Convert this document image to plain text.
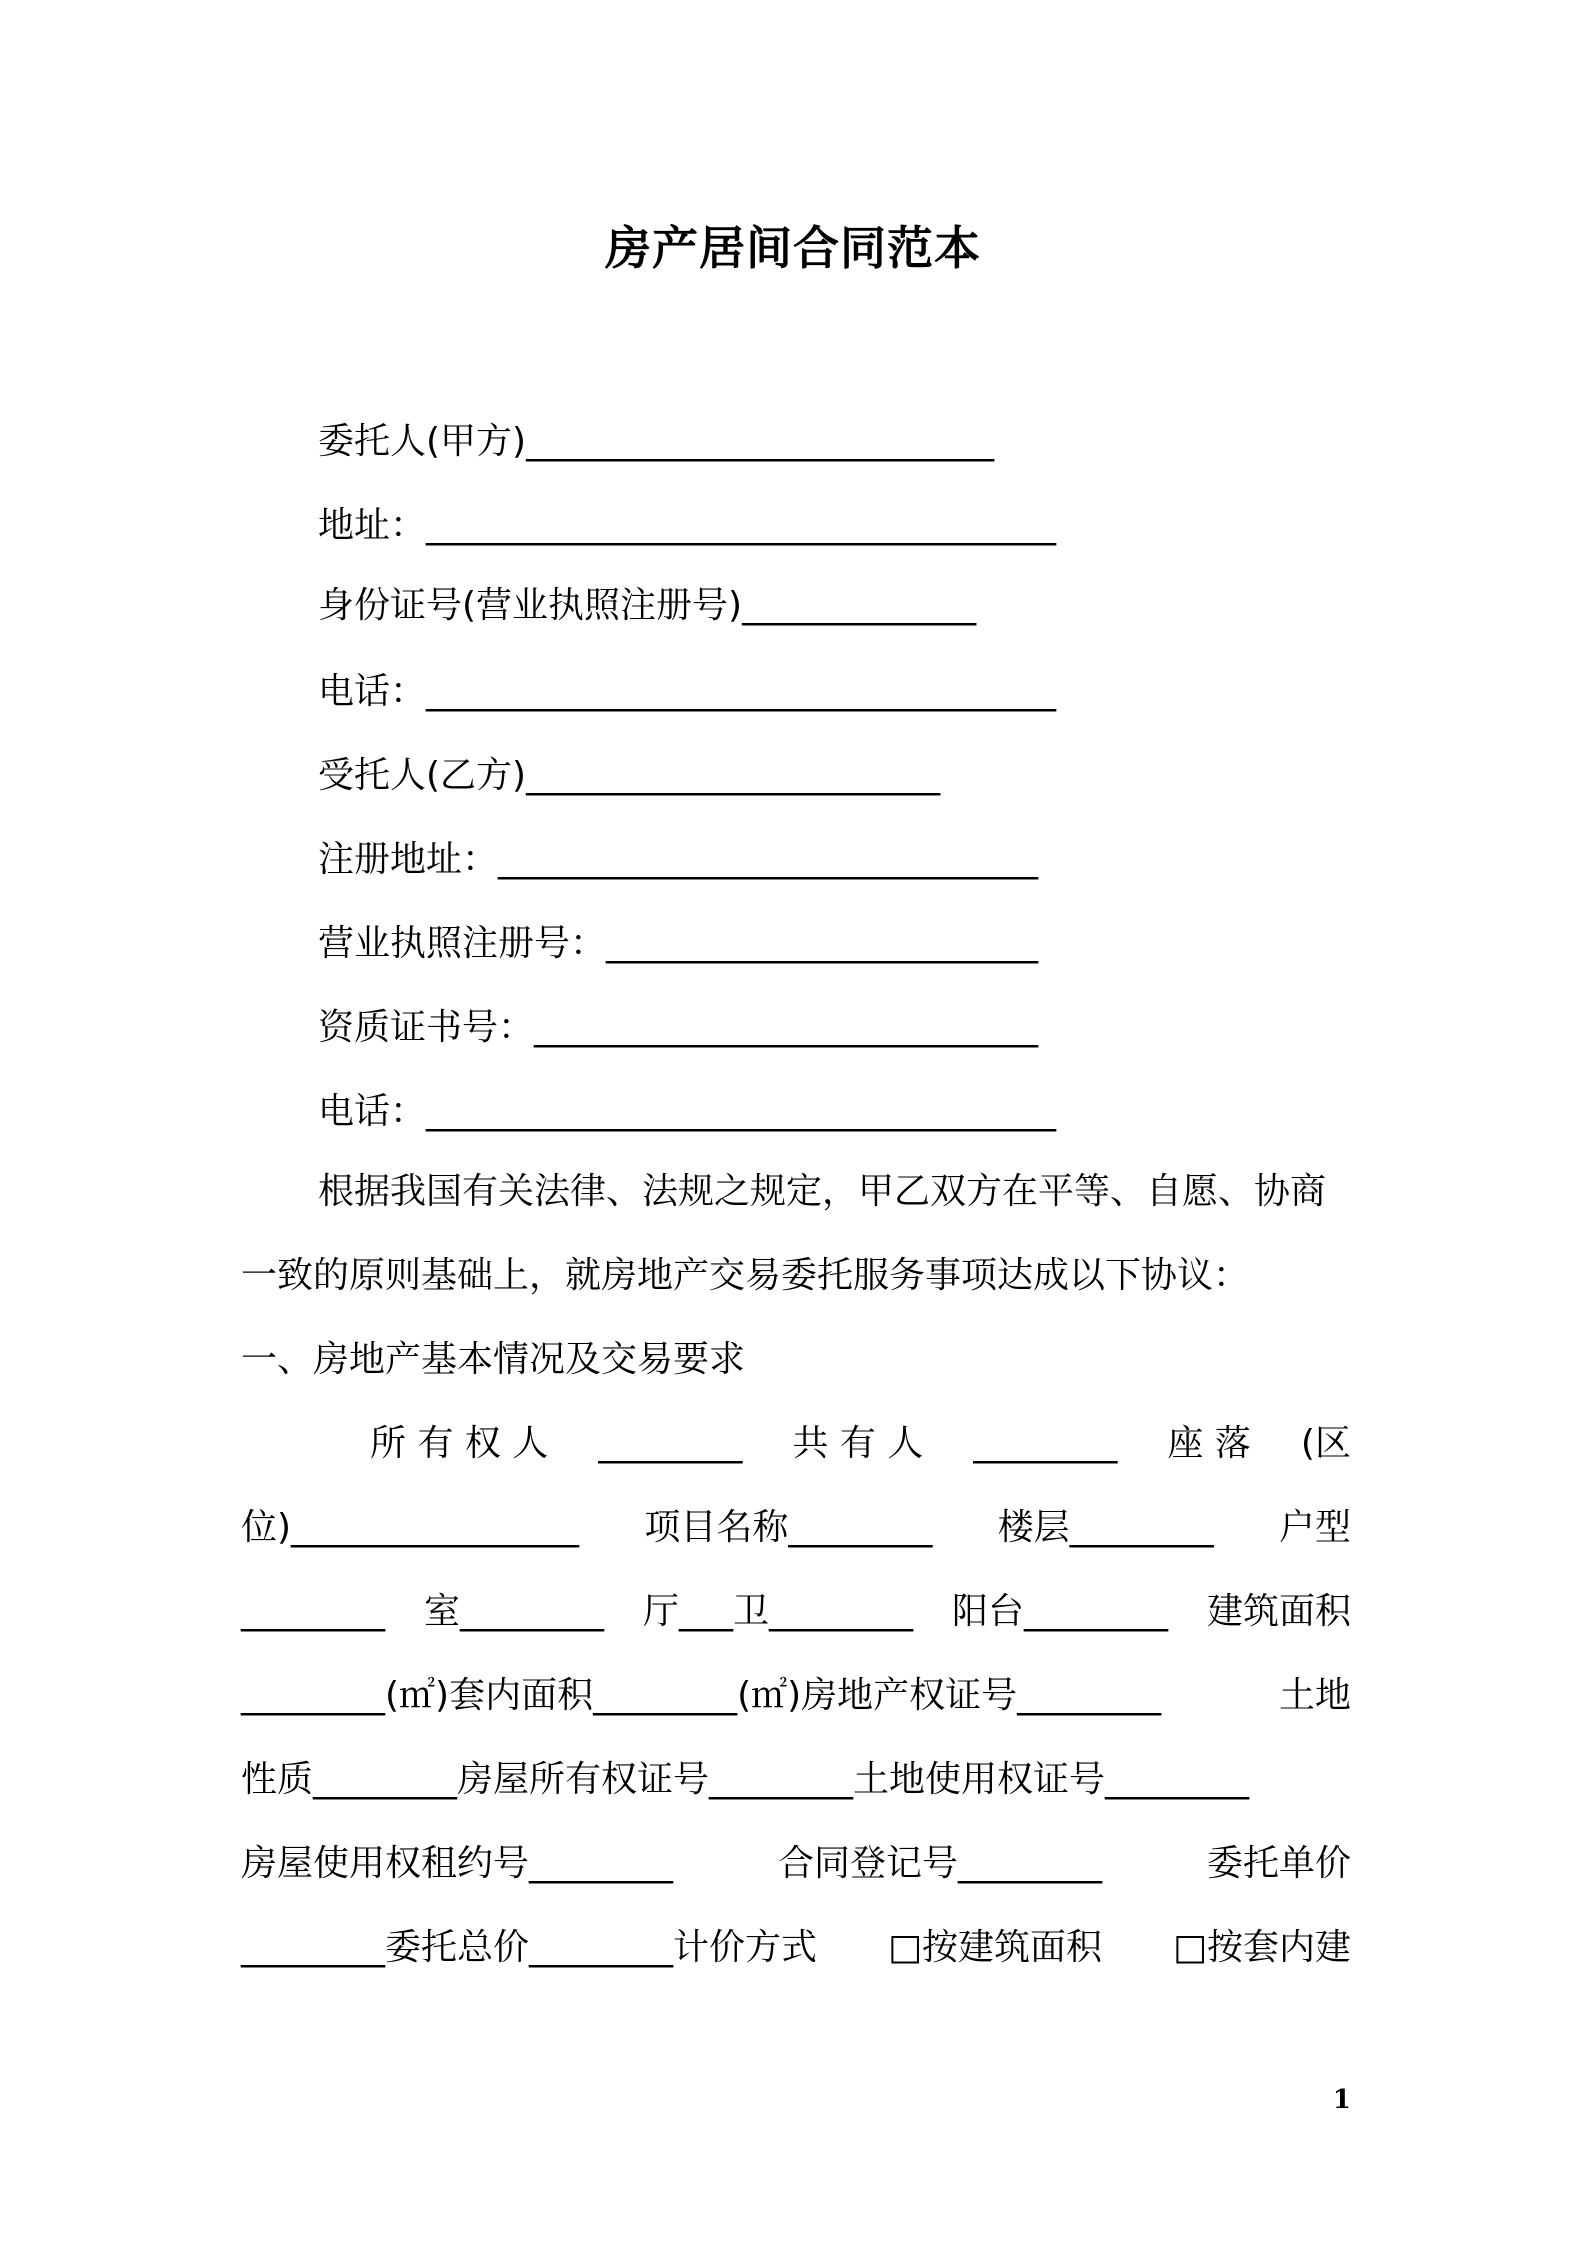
房产居间合同范本
委托人(甲方)__________________________
地址：___________________________________
身份证号(营业执照注册号)_____________
电话：___________________________________
受托人(乙方)_______________________
注册地址：______________________________
营业执照注册号：________________________
资质证书号：____________________________
电话：___________________________________
根据我国有关法律、法规之规定，甲乙双方在平等、自愿、协商
一致的原则基础上，就房地产交易委托服务事项达成以下协议：
一、房地产基本情况及交易要求
所 有 权 人 ________ 共 有 人 ________ 座 落 (区
位)________________ 项目名称________ 楼层________ 户型
________ 室________ 厅___卫________ 阳台________ 建筑面积
________(㎡)套内面积________(㎡)房地产权证号________	土地
性质________房屋所有权证号________土地使用权证号________
房屋使用权租约号________	合同登记号________	委托单价
________委托总价________计价方式 □按建筑面积 □按套内建
1
